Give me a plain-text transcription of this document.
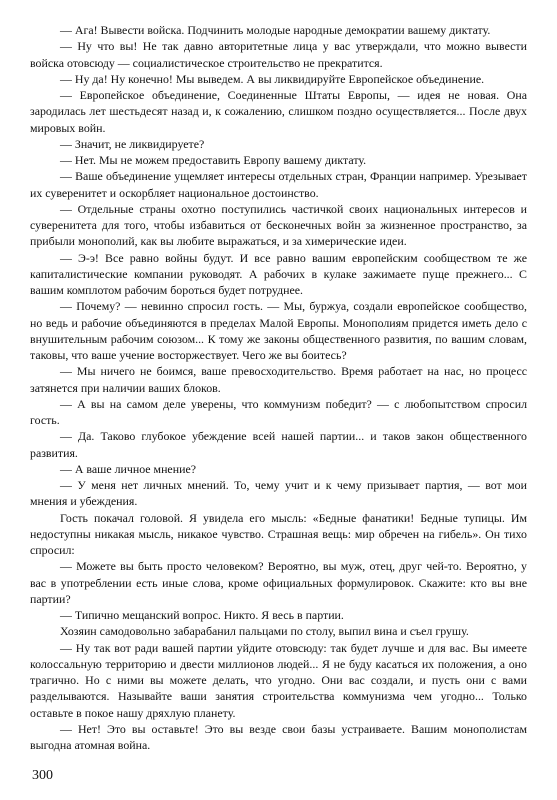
— Ага! Вывести войска. Подчинить молодые народные демократии вашему диктату.

— Ну что вы! Не так давно авторитетные лица у вас утверждали, что можно вывести войска отовсюду — социалистическое строительство не прекратится.

— Ну да! Ну конечно! Мы выведем. А вы ликвидируйте Европейское объединение.

— Европейское объединение, Соединенные Штаты Европы, — идея не новая. Она зародилась лет шестьдесят назад и, к сожалению, слишком поздно осуществляется... После двух мировых войн.

— Значит, не ликвидируете?

— Нет. Мы не можем предоставить Европу вашему диктату.

— Ваше объединение ущемляет интересы отдельных стран, Франции например. Урезывает их суверенитет и оскорбляет национальное достоинство.

— Отдельные страны охотно поступились частичкой своих национальных интересов и суверенитета для того, чтобы избавиться от бесконечных войн за жизненное пространство, за прибыли монополий, как вы любите выражаться, и за химерические идеи.

— Э-э! Все равно войны будут. И все равно вашим европейским сообществом те же капиталистические компании руководят. А рабочих в кулаке зажимаете пуще прежнего... С вашим комплотом рабочим бороться будет потруднее.

— Почему? — невинно спросил гость. — Мы, буржуа, создали европейское сообщество, но ведь и рабочие объединяются в пределах Малой Европы. Монополиям придется иметь дело с внушительным рабочим союзом... К тому же законы общественного развития, по вашим словам, таковы, что ваше учение восторжествует. Чего же вы боитесь?

— Мы ничего не боимся, ваше превосходительство. Время работает на нас, но процесс затянется при наличии ваших блоков.

— А вы на самом деле уверены, что коммунизм победит? — с любопытством спросил гость.

— Да. Таково глубокое убеждение всей нашей партии... и таков закон общественного развития.

— А ваше личное мнение?

— У меня нет личных мнений. То, чему учит и к чему призывает партия, — вот мои мнения и убеждения.

Гость покачал головой. Я увидела его мысль: «Бедные фанатики! Бедные тупицы. Им недоступны никакая мысль, никакое чувство. Страшная вещь: мир обречен на гибель». Он тихо спросил:

— Можете вы быть просто человеком? Вероятно, вы муж, отец, друг чей-то. Вероятно, у вас в употреблении есть иные слова, кроме официальных формулировок. Скажите: кто вы вне партии?

— Типично мещанский вопрос. Никто. Я весь в партии.

Хозяин самодовольно забарабанил пальцами по столу, выпил вина и съел грушу.

— Ну так вот ради вашей партии уйдите отовсюду: так будет лучше и для вас. Вы имеете колоссальную территорию и двести миллионов людей... Я не буду касаться их положения, а оно трагично. Но с ними вы можете делать, что угодно. Они вас создали, и пусть они с вами разделываются. Называйте ваши занятия строительства коммунизма чем угодно... Только оставьте в покое нашу дряхлую планету.

— Нет! Это вы оставьте! Это вы везде свои базы устраиваете. Вашим монополистам выгодна атомная война.

300
